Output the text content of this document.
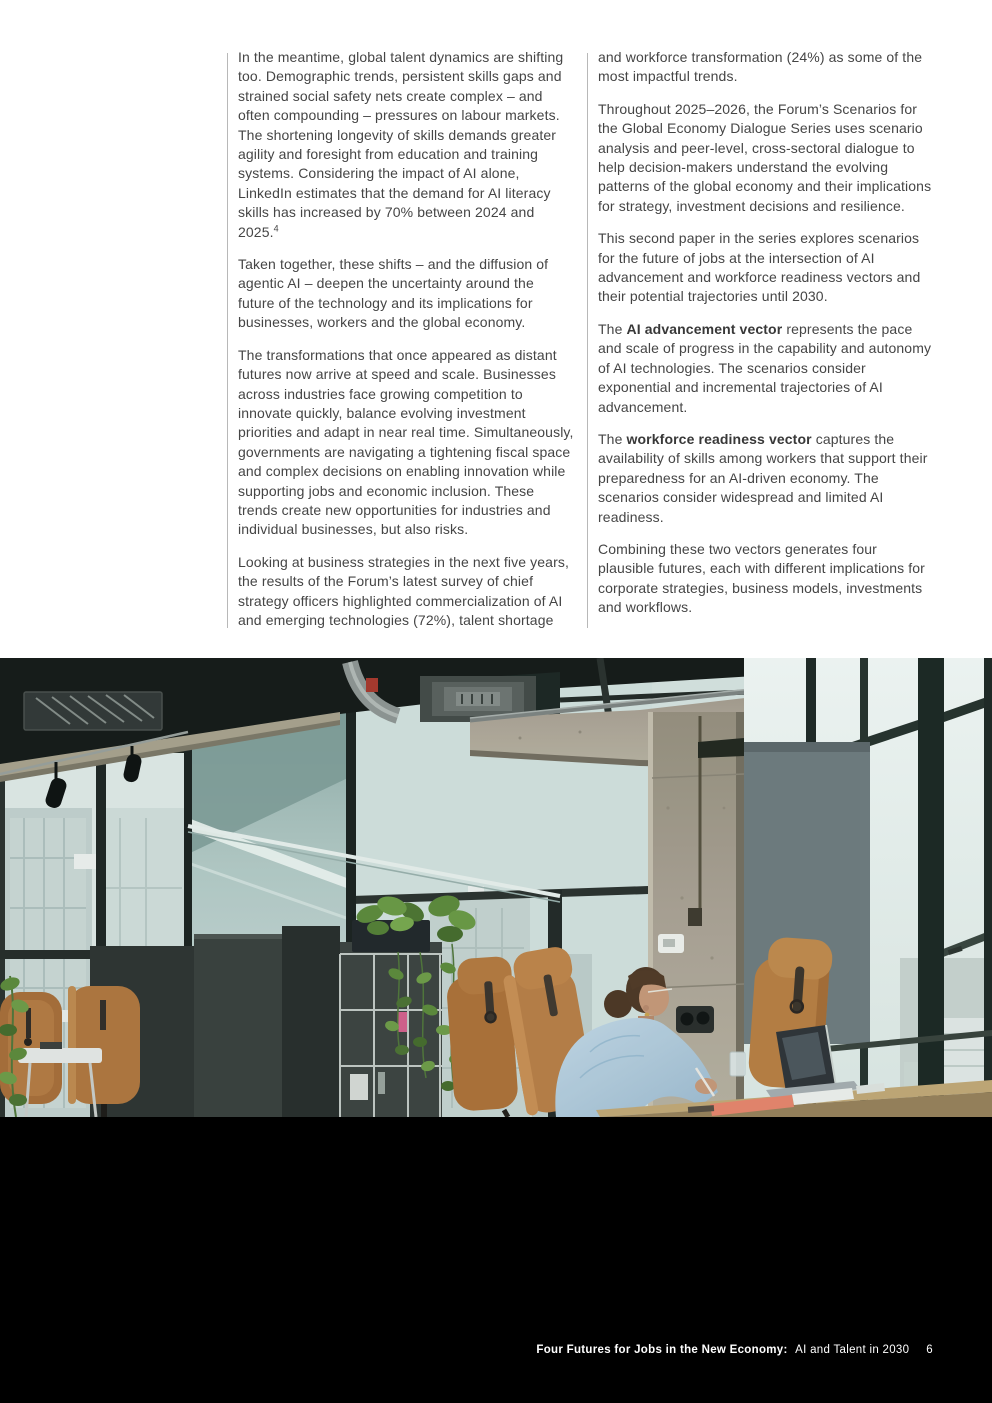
In the meantime, global talent dynamics are shifting too. Demographic trends, persistent skills gaps and strained social safety nets create complex – and often compounding – pressures on labour markets. The shortening longevity of skills demands greater agility and foresight from education and training systems. Considering the impact of AI alone, LinkedIn estimates that the demand for AI literacy skills has increased by 70% between 2024 and 2025.$^4$

Taken together, these shifts – and the diffusion of agentic AI – deepen the uncertainty around the future of the technology and its implications for businesses, workers and the global economy.

The transformations that once appeared as distant futures now arrive at speed and scale. Businesses across industries face growing competition to innovate quickly, balance evolving investment priorities and adapt in near real time. Simultaneously, governments are navigating a tightening fiscal space and complex decisions on enabling innovation while supporting jobs and economic inclusion. These trends create new opportunities for industries and individual businesses, but also risks.

Looking at business strategies in the next five years, the results of the Forum’s latest survey of chief strategy officers highlighted commercialization of AI and emerging technologies (72%), talent shortage

and workforce transformation (24%) as some of the most impactful trends.

Throughout 2025–2026, the Forum’s Scenarios for the Global Economy Dialogue Series uses scenario analysis and peer-level, cross-sectoral dialogue to help decision-makers understand the evolving patterns of the global economy and their implications for strategy, investment decisions and resilience.

This second paper in the series explores scenarios for the future of jobs at the intersection of AI advancement and workforce readiness vectors and their potential trajectories until 2030.

The AI advancement vector represents the pace and scale of progress in the capability and autonomy of AI technologies. The scenarios consider exponential and incremental trajectories of AI advancement.

The workforce readiness vector captures the availability of skills among workers that support their preparedness for an AI-driven economy. The scenarios consider widespread and limited AI readiness.

Combining these two vectors generates four plausible futures, each with different implications for corporate strategies, business models, investments and workflows.

Four Futures for Jobs in the New Economy: AI and Talent in 2030 6
